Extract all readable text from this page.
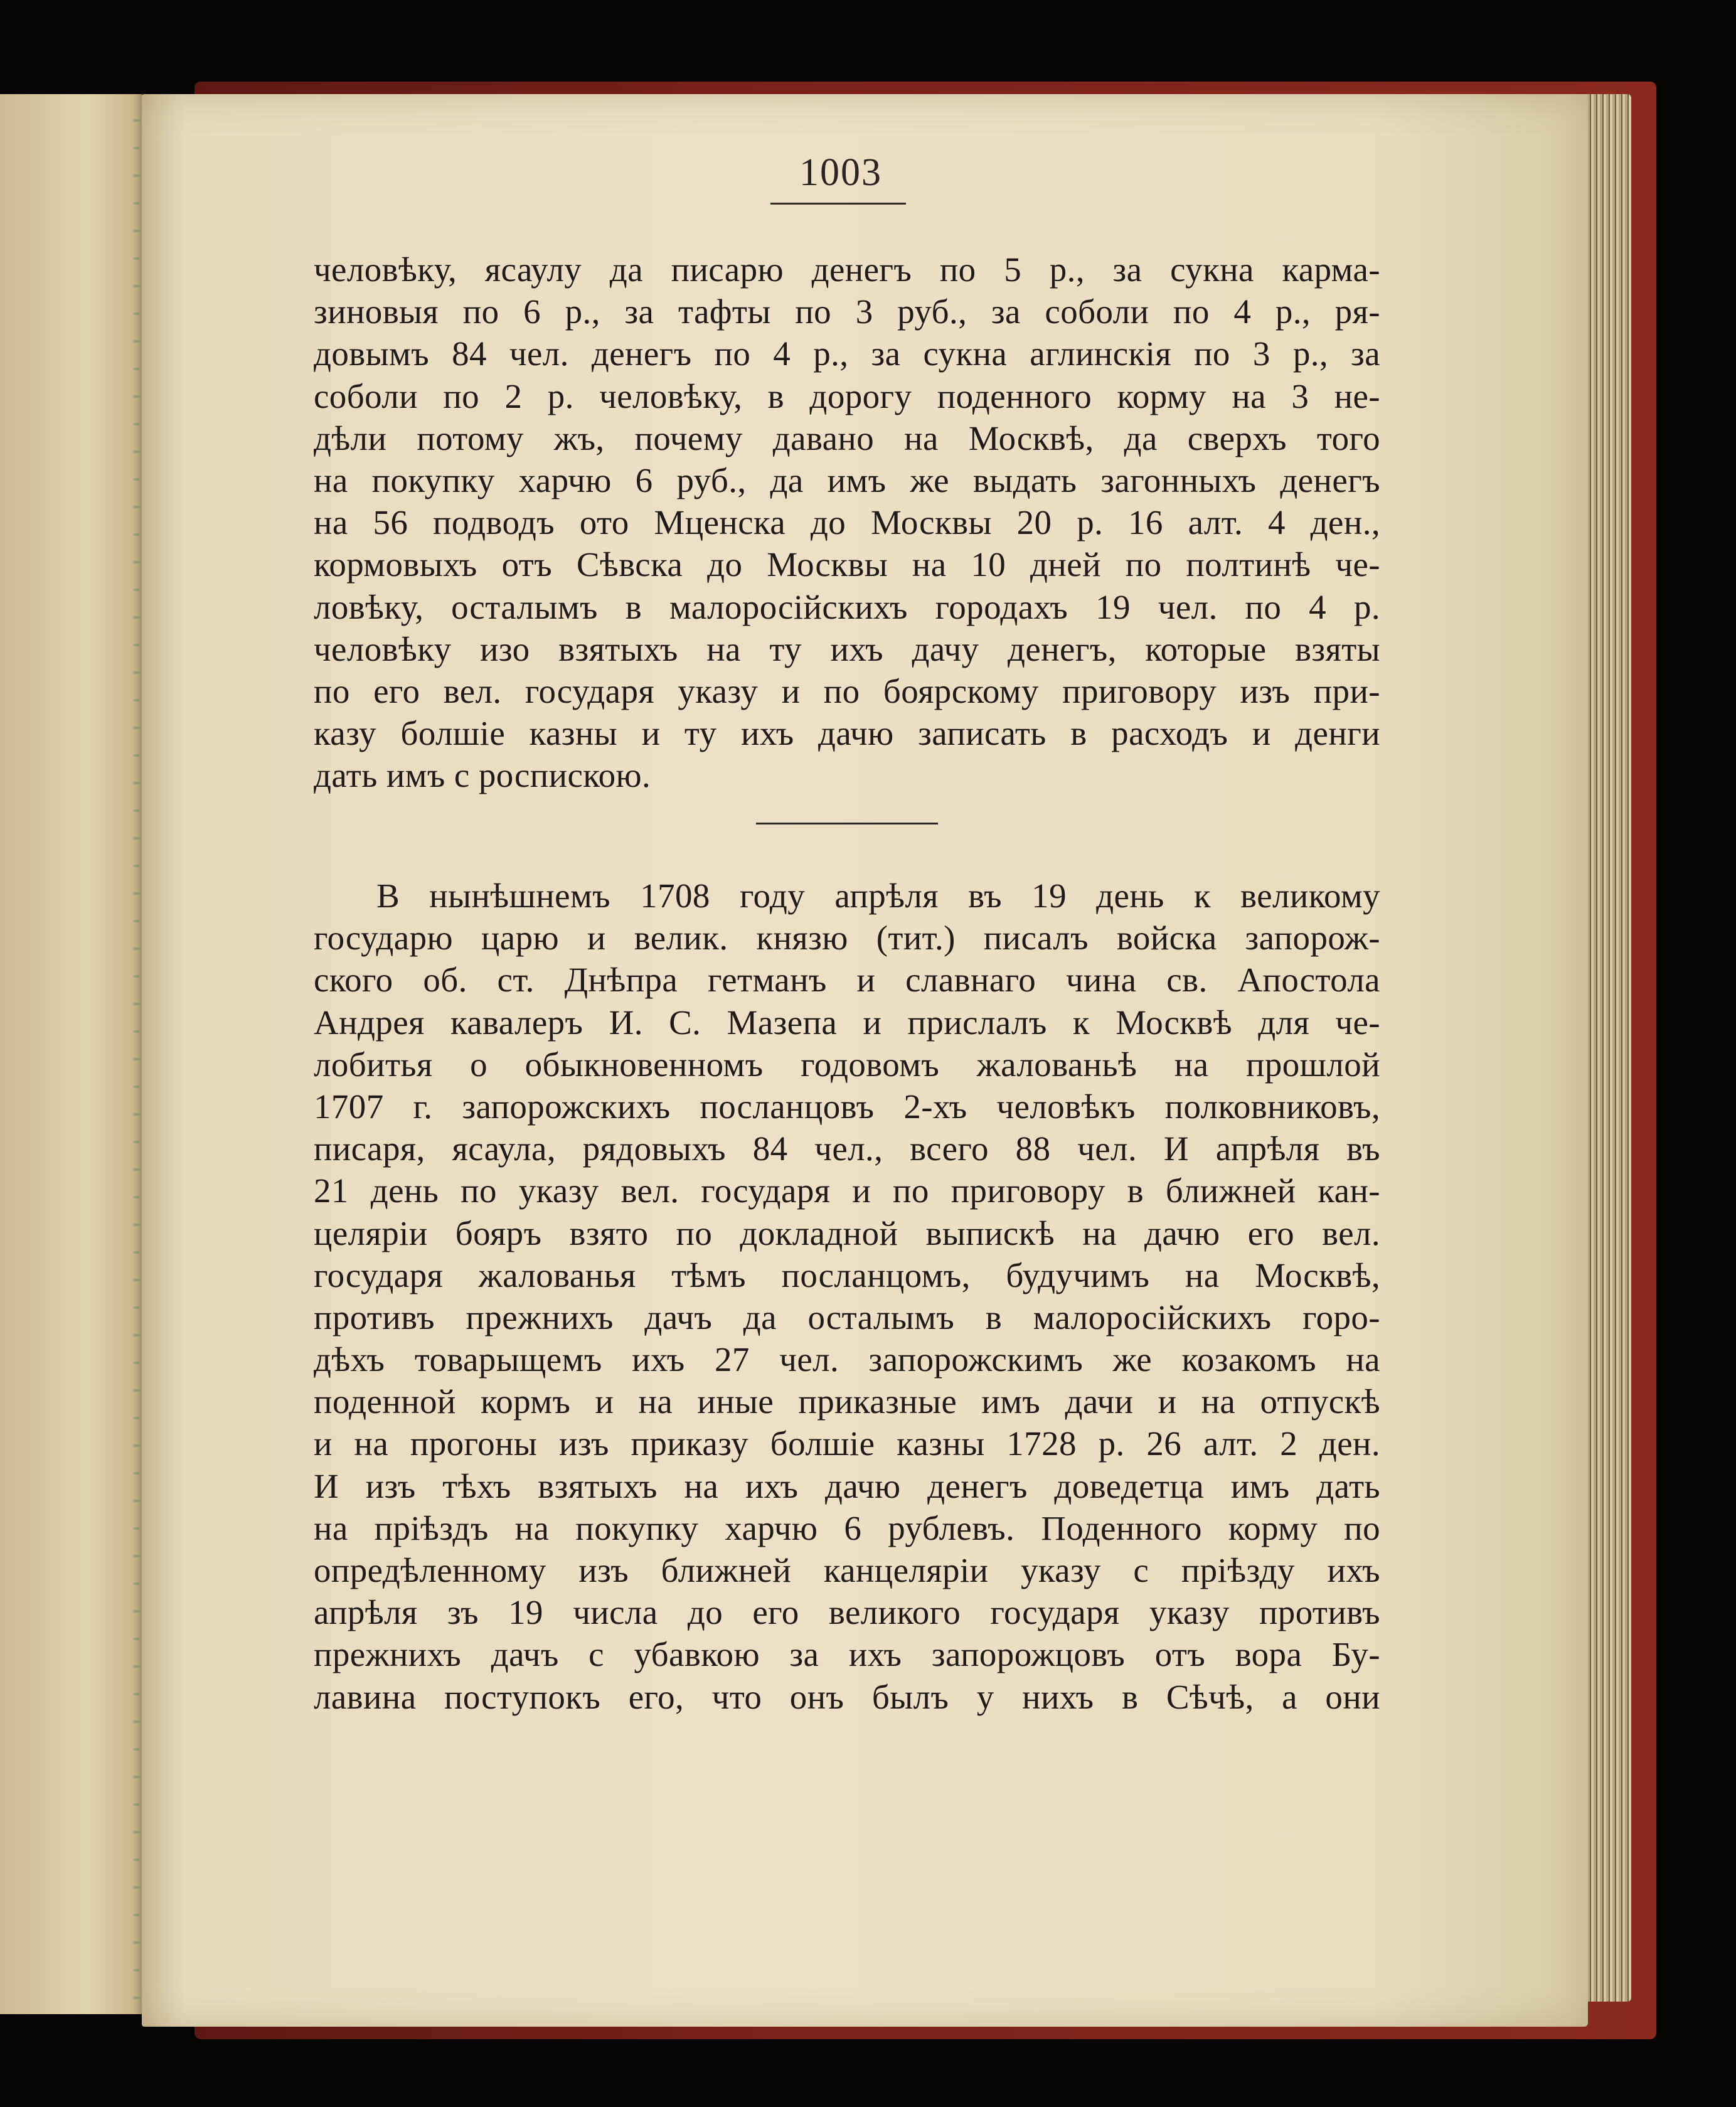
1003
человѣку, ясаулу да писарю денегъ по 5 р., за сукна карма-
зиновыя по 6 р., за тафты по 3 руб., за соболи по 4 р., ря-
довымъ 84 чел. денегъ по 4 р., за сукна аглинскія по 3 р., за
соболи по 2 р. человѣку, в дорогу поденного корму на 3 не-
дѣли потому жъ, почему давано на Москвѣ, да сверхъ того
на покупку харчю 6 руб., да имъ же выдать загонныхъ денегъ
на 56 подводъ ото Мценска до Москвы 20 р. 16 алт. 4 ден.,
кормовыхъ отъ Сѣвска до Москвы на 10 дней по полтинѣ че-
ловѣку, осталымъ в малоросійскихъ городахъ 19 чел. по 4 р.
человѣку изо взятыхъ на ту ихъ дачу денегъ, которые взяты
по его вел. государя указу и по боярскому приговору изъ при-
казу болшіе казны и ту ихъ дачю записать в расходъ и денги
дать имъ с роспискою.
В нынѣшнемъ 1708 году апрѣля въ 19 день к великому
государю царю и велик. князю (тит.) писалъ войска запорож-
ского об. ст. Днѣпра гетманъ и славнаго чина св. Апостола
Андрея кавалеръ И. С. Мазепа и прислалъ к Москвѣ для че-
лобитья о обыкновенномъ годовомъ жалованьѣ на прошлой
1707 г. запорожскихъ посланцовъ 2-хъ человѣкъ полковниковъ,
писаря, ясаула, рядовыхъ 84 чел., всего 88 чел. И апрѣля въ
21 день по указу вел. государя и по приговору в ближней кан-
целяріи бояръ взято по докладной выпискѣ на дачю его вел.
государя жалованья тѣмъ посланцомъ, будучимъ на Москвѣ,
противъ прежнихъ дачъ да осталымъ в малоросійскихъ горо-
дѣхъ товарыщемъ ихъ 27 чел. запорожскимъ же козакомъ на
поденной кормъ и на иные приказные имъ дачи и на отпускѣ
и на прогоны изъ приказу болшіе казны 1728 р. 26 алт. 2 ден.
И изъ тѣхъ взятыхъ на ихъ дачю денегъ доведетца имъ дать
на пріѣздъ на покупку харчю 6 рублевъ. Поденного корму по
опредѣленному изъ ближней канцеляріи указу с пріѣзду ихъ
апрѣля зъ 19 числа до его великого государя указу противъ
прежнихъ дачъ с убавкою за ихъ запорожцовъ отъ вора Бу-
лавина поступокъ его, что онъ былъ у нихъ в Сѣчѣ, а они
